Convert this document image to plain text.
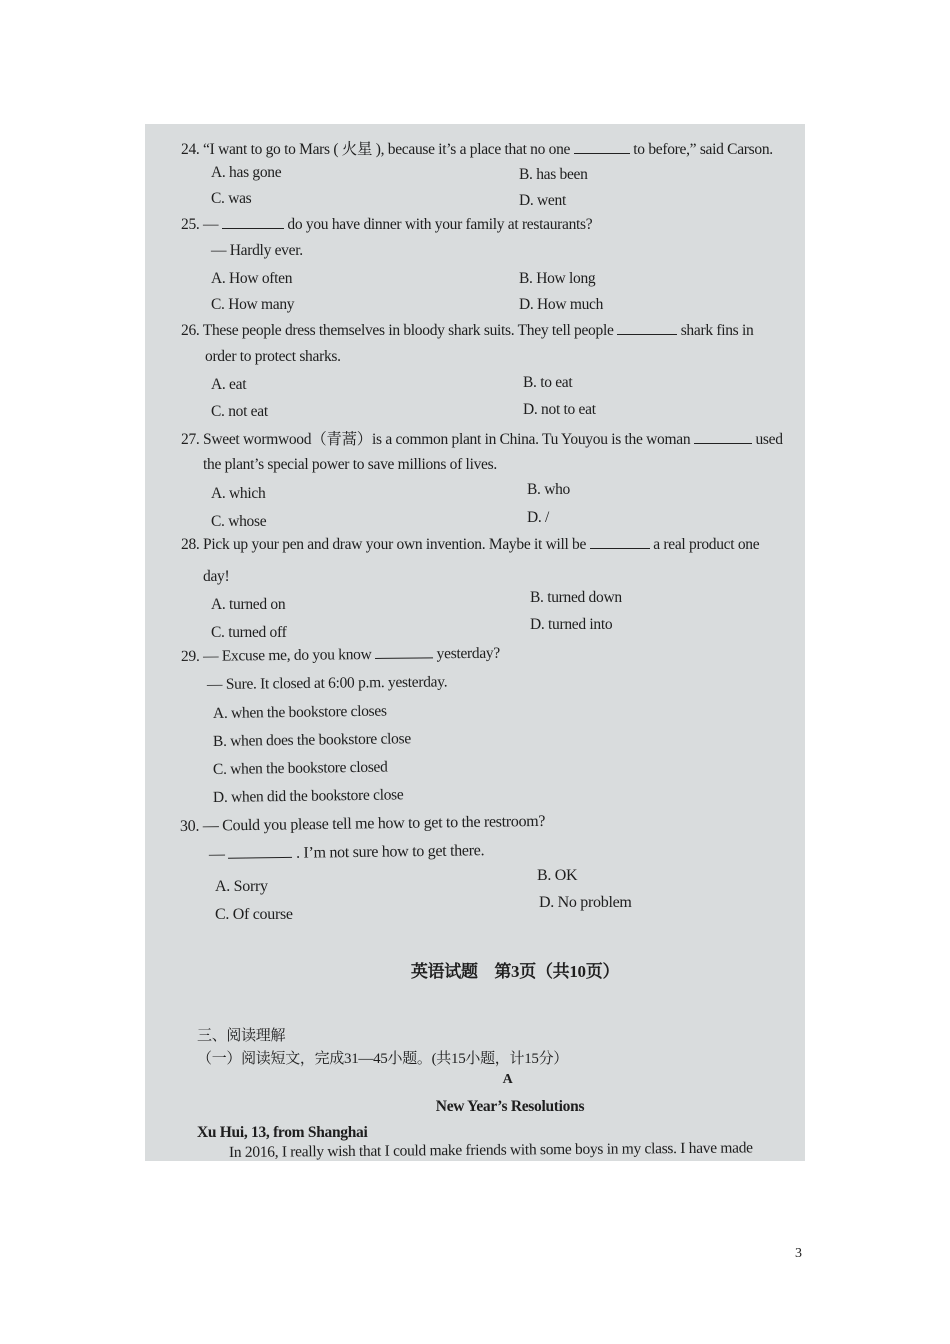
24. “I want to go to Mars ( 火星 ), because it’s a place that no one	to before,” said Carson.
A. has gone	B. has been
C. was	D. went
25. —	do you have dinner with your family at restaurants?
— Hardly ever.
A. How often	B. How long
C. How many	D. How much
26. These people dress themselves in bloody shark suits. They tell people	shark fins in
order to protect sharks.
A. eat	B. to eat
C. not eat	D. not to eat
27. Sweet wormwood（青蒿）is a common plant in China. Tu Youyou is the woman	used
the plant’s special power to save millions of lives.
A. which	B. who
C. whose	D. /
28. Pick up your pen and draw your own invention. Maybe it will be	a real product one
day!
A. turned on	B. turned down
C. turned off	D. turned into
29. — Excuse me, do you know	yesterday?
— Sure. It closed at 6:00 p.m. yesterday.
A. when the bookstore closes
B. when does the bookstore close
C. when the bookstore closed
D. when did the bookstore close
30. — Could you please tell me how to get to the restroom?
—	. I’m not sure how to get there.
A. Sorry
B. OK
C. Of course
D. No problem
英语试题　第3页（共10页）
三、阅读理解
（一）阅读短文，完成31—45小题。(共15小题，计15分）
A
New Year’s Resolutions
Xu Hui, 13, from Shanghai
In 2016, I really wish that I could make friends with some boys in my class. I have made
3
